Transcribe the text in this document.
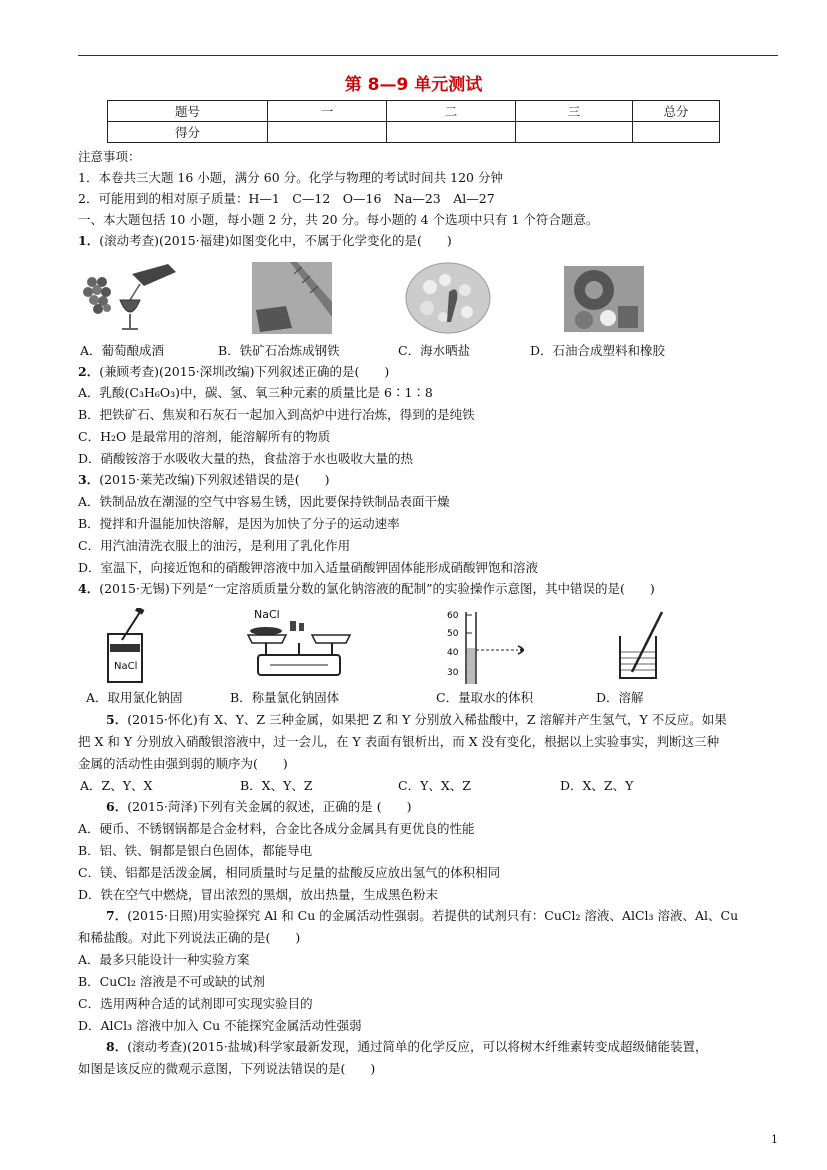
第 8—9 单元测试
题号	一	二	三	总分
得分				
注意事项：
1．本卷共三大题 16 小题，满分 60 分。化学与物理的考试时间共 120 分钟
2．可能用到的相对原子质量：H—1　C—12　O—16　Na—23　Al—27
一、本大题包括 10 小题，每小题 2 分，共 20 分。每小题的 4 个选项中只有 1 个符合题意。
1．(滚动考查)(2015·福建)如图变化中，不属于化学变化的是(　　)
A．葡萄酿成酒	B．铁矿石冶炼成钢铁	C．海水晒盐	D．石油合成塑料和橡胶
2．(兼顾考查)(2015·深圳改编)下列叙述正确的是(　　)
A．乳酸(C₃H₆O₃)中，碳、氢、氧三种元素的质量比是 6∶1∶8
B．把铁矿石、焦炭和石灰石一起加入到高炉中进行冶炼，得到的是纯铁
C．H₂O 是最常用的溶剂，能溶解所有的物质
D．硝酸铵溶于水吸收大量的热，食盐溶于水也吸收大量的热
3．(2015·莱芜改编)下列叙述错误的是(　　)
A．铁制品放在潮湿的空气中容易生锈，因此要保持铁制品表面干燥
B．搅拌和升温能加快溶解，是因为加快了分子的运动速率
C．用汽油清洗衣服上的油污，是利用了乳化作用
D．室温下，向接近饱和的硝酸钾溶液中加入适量硝酸钾固体能形成硝酸钾饱和溶液
4．(2015·无锡)下列是“一定溶质质量分数的氯化钠溶液的配制”的实验操作示意图，其中错误的是(　　)
NaCl
NaCl	60
50
40
30
A．取用氯化钠固	B．称量氯化钠固体	C．量取水的体积	D．溶解
5．(2015·怀化)有 X、Y、Z 三种金属，如果把 Z 和 Y 分别放入稀盐酸中，Z 溶解并产生氢气，Y 不反应。如果
把 X 和 Y 分别放入硝酸银溶液中，过一会儿，在 Y 表面有银析出，而 X 没有变化，根据以上实验事实，判断这三种
金属的活动性由强到弱的顺序为(　　)
A．Z、Y、X	B．X、Y、Z	C．Y、X、Z	D．X、Z、Y
6．(2015·菏泽)下列有关金属的叙述，正确的是 (　　)
A．硬币、不锈钢锅都是合金材料，合金比各成分金属具有更优良的性能
B．铝、铁、铜都是银白色固体，都能导电
C．镁、铝都是活泼金属，相同质量时与足量的盐酸反应放出氢气的体积相同
D．铁在空气中燃烧，冒出浓烈的黑烟，放出热量，生成黑色粉末
7．(2015·日照)用实验探究 Al 和 Cu 的金属活动性强弱。若提供的试剂只有：CuCl₂ 溶液、AlCl₃ 溶液、Al、Cu
和稀盐酸。对此下列说法正确的是(　　)
A．最多只能设计一种实验方案
B．CuCl₂ 溶液是不可或缺的试剂
C．选用两种合适的试剂即可实现实验目的
D．AlCl₃ 溶液中加入 Cu 不能探究金属活动性强弱
8．(滚动考查)(2015·盐城)科学家最新发现，通过简单的化学反应，可以将树木纤维素转变成超级储能装置，
如图是该反应的微观示意图，下列说法错误的是(　　)
1
